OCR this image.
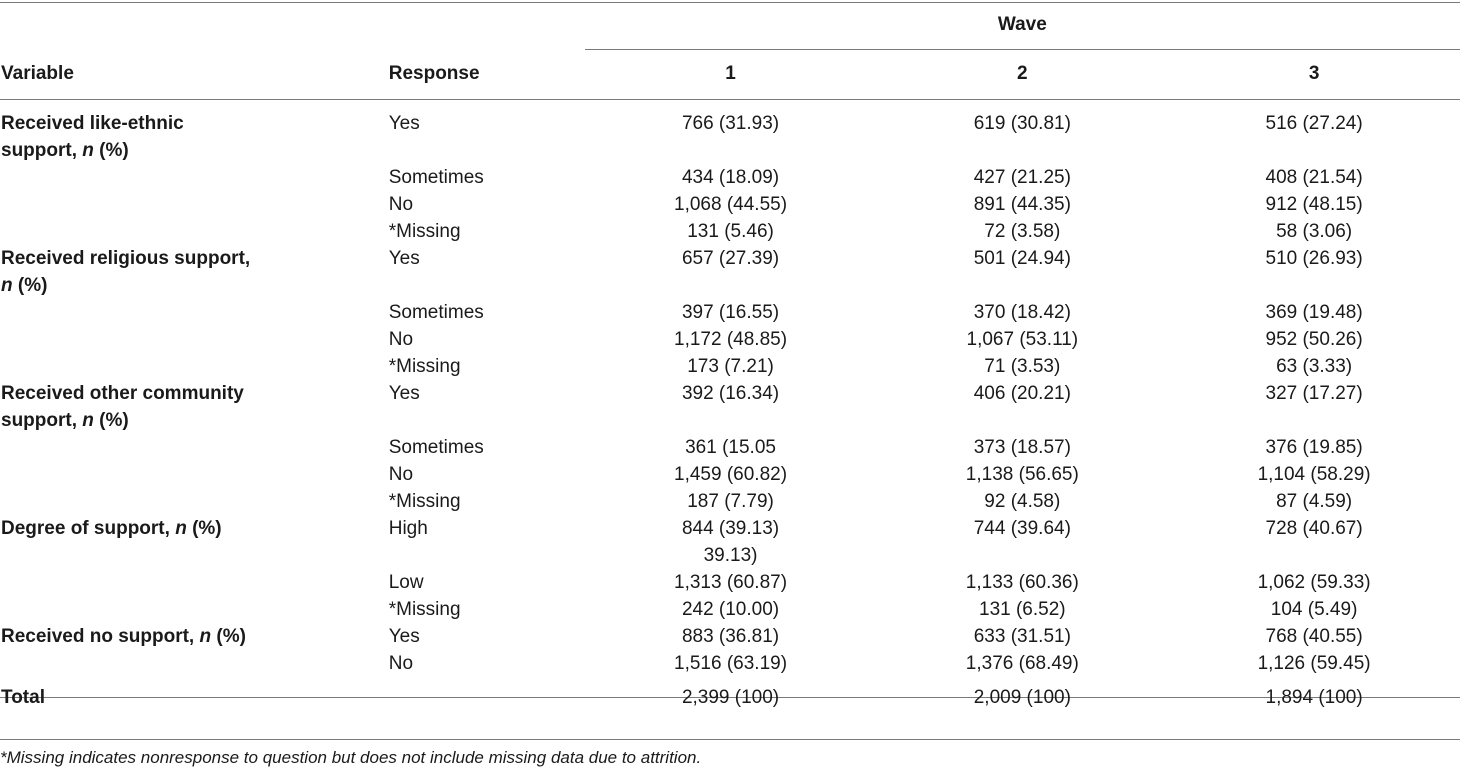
		Wave		
Variable	Response	1	2	3
Received like-ethnic
support, n (%)	Yes	766 (31.93)	619 (30.81)	516 (27.24)

	Sometimes	434 (18.09)	427 (21.25)	408 (21.54)
	No	1,068 (44.55)	891 (44.35)	912 (48.15)
	*Missing	131 (5.46)	72 (3.58)	58 (3.06)
Received religious support,
n (%)	Yes	657 (27.39)	501 (24.94)	510 (26.93)

	Sometimes	397 (16.55)	370 (18.42)	369 (19.48)
	No	1,172 (48.85)	1,067 (53.11)	952 (50.26)
	*Missing	173 (7.21)	71 (3.53)	63 (3.33)
Received other community
support, n (%)	Yes	392 (16.34)	406 (20.21)	327 (17.27)

	Sometimes	361 (15.05	373 (18.57)	376 (19.85)
	No	1,459 (60.82)	1,138 (56.65)	1,104 (58.29)
	*Missing	187 (7.79)	92 (4.58)	87 (4.59)
Degree of support, n (%)	High	844 (39.13)	744 (39.64)	728 (40.67)
		39.13)		
	Low	1,313 (60.87)	1,133 (60.36)	1,062 (59.33)
	*Missing	242 (10.00)	131 (6.52)	104 (5.49)
Received no support, n (%)	Yes	883 (36.81)	633 (31.51)	768 (40.55)
	No	1,516 (63.19)	1,376 (68.49)	1,126 (59.45)
Total		2,399 (100)	2,009 (100)	1,894 (100)
*Missing indicates nonresponse to question but does not include missing data due to attrition.
